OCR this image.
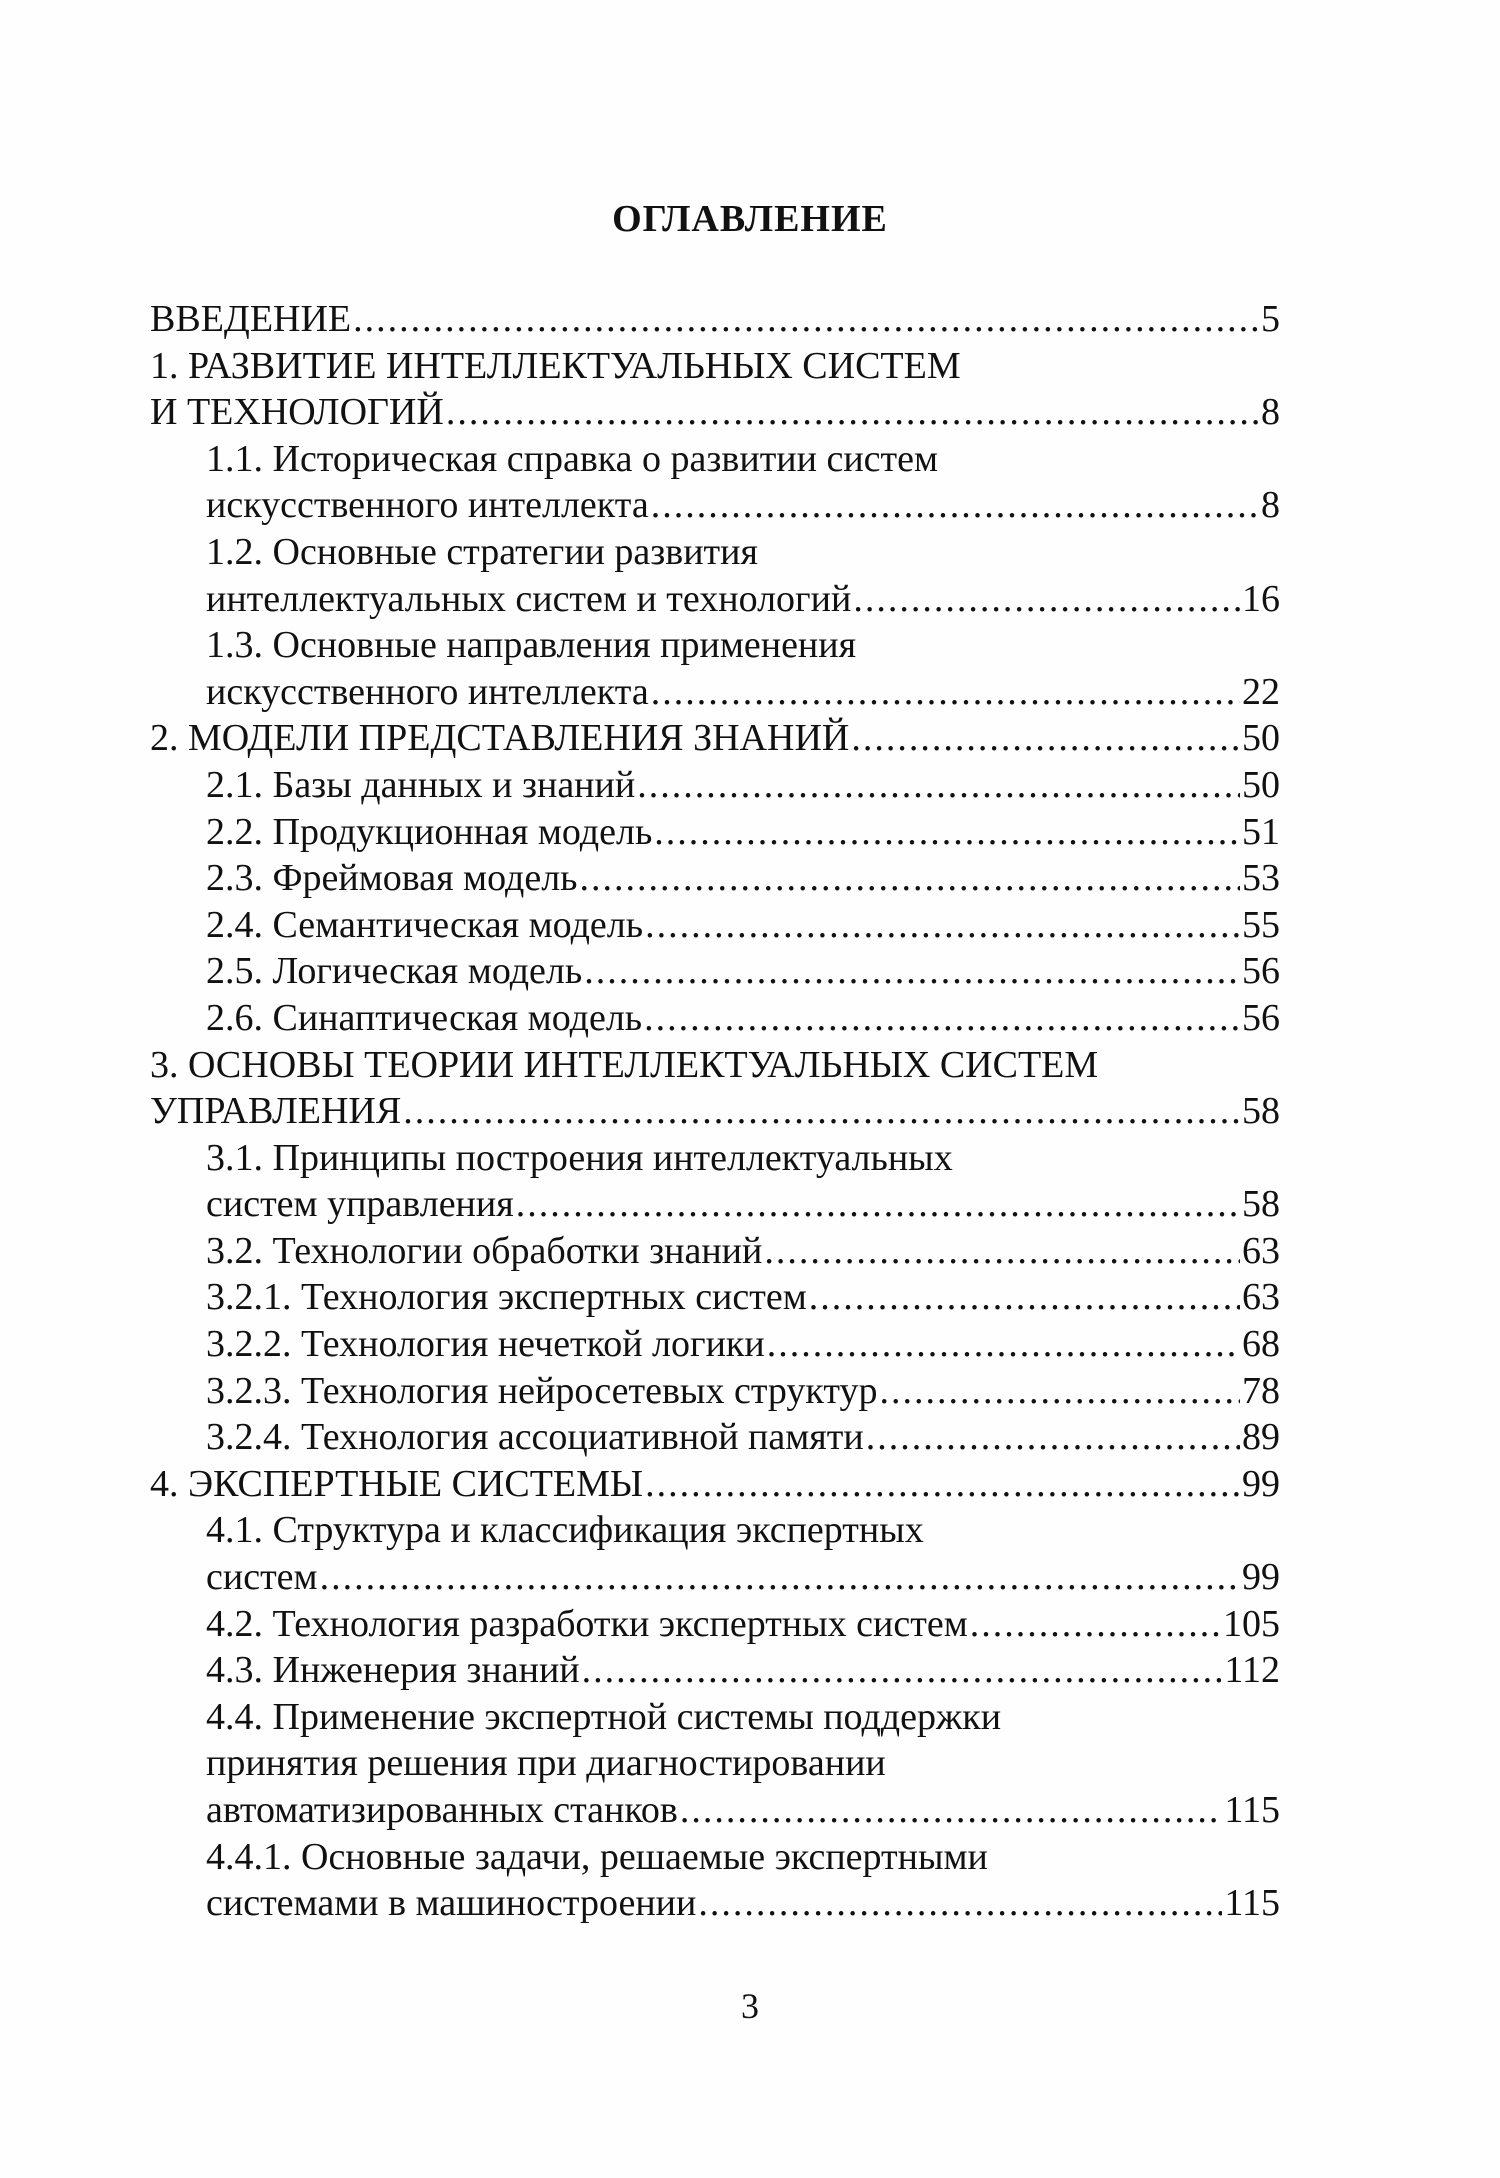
ОГЛАВЛЕНИЕ
ВВЕДЕНИЕ .....	5
1. РАЗВИТИЕ ИНТЕЛЛЕКТУАЛЬНЫХ СИСТЕМ
И ТЕХНОЛОГИЙ .....	8
1.1. Историческая справка о развитии систем
искусственного интеллекта .....	8
1.2. Основные стратегии развития
интеллектуальных систем и технологий .....	16
1.3. Основные направления применения
искусственного интеллекта .....	22
2. МОДЕЛИ ПРЕДСТАВЛЕНИЯ ЗНАНИЙ .....	50
2.1. Базы данных и знаний .....	50
2.2. Продукционная модель .....	51
2.3. Фреймовая модель .....	53
2.4. Семантическая модель .....	55
2.5. Логическая модель .....	56
2.6. Синаптическая модель .....	56
3. ОСНОВЫ ТЕОРИИ ИНТЕЛЛЕКТУАЛЬНЫХ СИСТЕМ
УПРАВЛЕНИЯ .....	58
3.1. Принципы построения интеллектуальных
систем управления .....	58
3.2. Технологии обработки знаний .....	63
3.2.1. Технология экспертных систем .....	63
3.2.2. Технология нечеткой логики .....	68
3.2.3. Технология нейросетевых структур .....	78
3.2.4. Технология ассоциативной памяти .....	89
4. ЭКСПЕРТНЫЕ СИСТЕМЫ .....	99
4.1. Структура и классификация экспертных
систем .....	99
4.2. Технология разработки экспертных систем .....	105
4.3. Инженерия знаний .....	112
4.4. Применение экспертной системы поддержки
принятия решения при диагностировании
автоматизированных станков .....	115
4.4.1. Основные задачи, решаемые экспертными
системами в машиностроении .....	115
3
